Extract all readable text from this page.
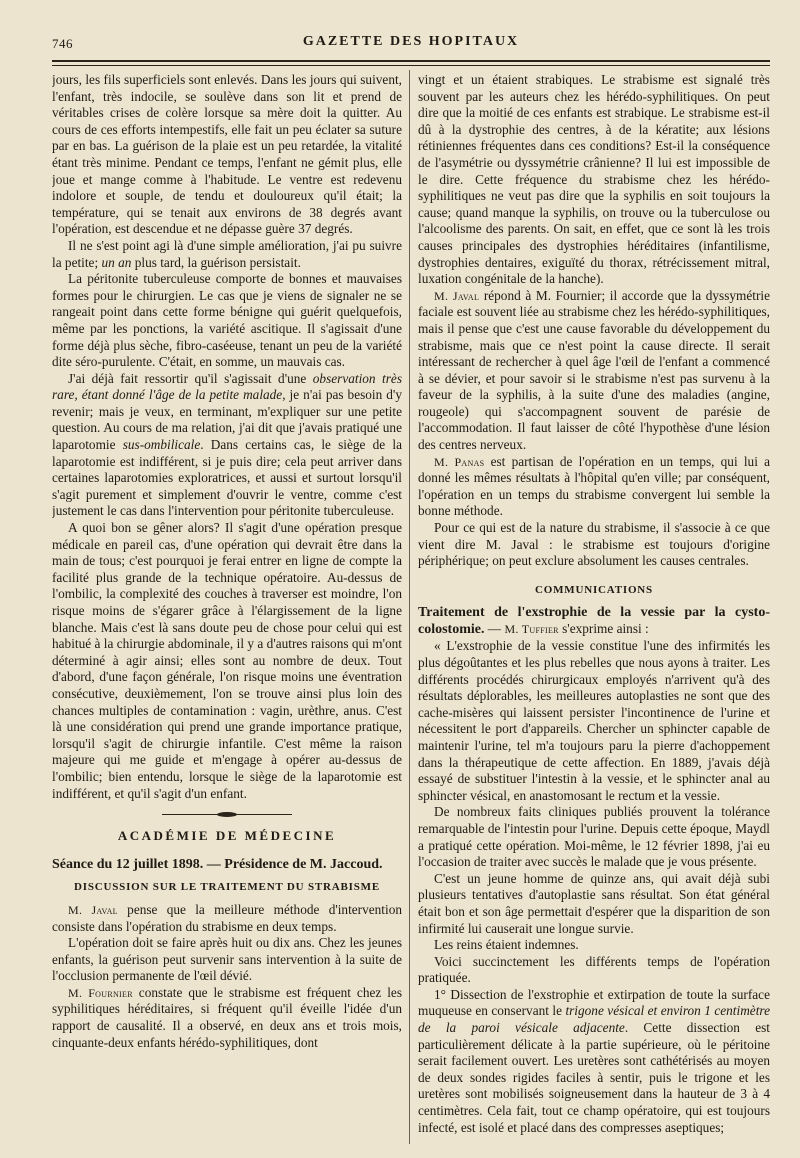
746	GAZETTE DES HOPITAUX

jours, les fils superficiels sont enlevés. Dans les jours qui suivent, l'enfant, très indocile, se soulève dans son lit et prend de véritables crises de colère lorsque sa mère doit la quitter. Au cours de ces efforts intempestifs, elle fait un peu éclater sa suture par en bas. La guérison de la plaie est un peu retardée, la vitalité étant très minime. Pendant ce temps, l'enfant ne gémit plus, elle joue et mange comme à l'habitude. Le ventre est redevenu indolore et souple, de tendu et douloureux qu'il était; la température, qui se tenait aux environs de 38 degrés avant l'opération, est descendue et ne dépasse guère 37 degrés.

Il ne s'est point agi là d'une simple amélioration, j'ai pu suivre la petite; un an plus tard, la guérison persistait.

La péritonite tuberculeuse comporte de bonnes et mauvaises formes pour le chirurgien. Le cas que je viens de signaler ne se rangeait point dans cette forme bénigne qui guérit quelquefois, même par les ponctions, la variété ascitique. Il s'agissait d'une forme déjà plus sèche, fibro-caséeuse, tenant un peu de la variété dite séro-purulente. C'était, en somme, un mauvais cas.

J'ai déjà fait ressortir qu'il s'agissait d'une observation très rare, étant donné l'âge de la petite malade, je n'ai pas besoin d'y revenir; mais je veux, en terminant, m'expliquer sur une petite question. Au cours de ma relation, j'ai dit que j'avais pratiqué une laparotomie sus-ombilicale. Dans certains cas, le siège de la laparotomie est indifférent, si je puis dire; cela peut arriver dans certaines laparotomies exploratrices, et aussi et surtout lorsqu'il s'agit purement et simplement d'ouvrir le ventre, comme c'est justement le cas dans l'intervention pour péritonite tuberculeuse.

A quoi bon se gêner alors? Il s'agit d'une opération presque médicale en pareil cas, d'une opération qui devrait être dans la main de tous; c'est pourquoi je ferai entrer en ligne de compte la facilité plus grande de la technique opératoire. Au-dessus de l'ombilic, la complexité des couches à traverser est moindre, l'on risque moins de s'égarer grâce à l'élargissement de la ligne blanche. Mais c'est là sans doute peu de chose pour celui qui est habitué à la chirurgie abdominale, il y a d'autres raisons qui m'ont déterminé à agir ainsi; elles sont au nombre de deux. Tout d'abord, d'une façon générale, l'on risque moins une éventration consécutive, deuxièmement, l'on se trouve ainsi plus loin des chances multiples de contamination : vagin, urèthre, anus. C'est là une considération qui prend une grande importance pratique, lorsqu'il s'agit de chirurgie infantile. C'est même la raison majeure qui me guide et m'engage à opérer au-dessus de l'ombilic; bien entendu, lorsque le siège de la laparotomie est indifférent, et qu'il s'agit d'un enfant.

ACADÉMIE DE MÉDECINE

Séance du 12 juillet 1898. — Présidence de M. Jaccoud.

DISCUSSION SUR LE TRAITEMENT DU STRABISME

M. Javal pense que la meilleure méthode d'intervention consiste dans l'opération du strabisme en deux temps.

L'opération doit se faire après huit ou dix ans. Chez les jeunes enfants, la guérison peut survenir sans intervention à la suite de l'occlusion permanente de l'œil dévié.

M. Fournier constate que le strabisme est fréquent chez les syphilitiques héréditaires, si fréquent qu'il éveille l'idée d'un rapport de causalité. Il a observé, en deux ans et trois mois, cinquante-deux enfants hérédo-syphilitiques, dont

vingt et un étaient strabiques. Le strabisme est signalé très souvent par les auteurs chez les hérédo-syphilitiques. On peut dire que la moitié de ces enfants est strabique. Le strabisme est-il dû à la dystrophie des centres, à de la kératite; aux lésions rétiniennes fréquentes dans ces conditions? Est-il la conséquence de l'asymétrie ou dyssymétrie crânienne? Il lui est impossible de le dire. Cette fréquence du strabisme chez les hérédo-syphilitiques ne veut pas dire que la syphilis en soit toujours la cause; quand manque la syphilis, on trouve ou la tuberculose ou l'alcoolisme des parents. On sait, en effet, que ce sont là les trois causes principales des dystrophies héréditaires (infantilisme, dystrophies dentaires, exiguïté du thorax, rétrécissement mitral, luxation congénitale de la hanche).

M. Javal répond à M. Fournier; il accorde que la dyssymétrie faciale est souvent liée au strabisme chez les hérédo-syphilitiques, mais il pense que c'est une cause favorable du développement du strabisme, mais que ce n'est point la cause directe. Il serait intéressant de rechercher à quel âge l'œil de l'enfant a commencé à se dévier, et pour savoir si le strabisme n'est pas survenu à la faveur de la syphilis, à la suite d'une des maladies (angine, rougeole) qui s'accompagnent souvent de parésie de l'accommodation. Il faut laisser de côté l'hypothèse d'une lésion des centres nerveux.

M. Panas est partisan de l'opération en un temps, qui lui a donné les mêmes résultats à l'hôpital qu'en ville; par conséquent, l'opération en un temps du strabisme convergent lui semble la bonne méthode.

Pour ce qui est de la nature du strabisme, il s'associe à ce que vient dire M. Javal : le strabisme est toujours d'origine périphérique; on peut exclure absolument les causes centrales.

COMMUNICATIONS

Traitement de l'exstrophie de la vessie par la cysto-colostomie. — M. Tuffier s'exprime ainsi :

« L'exstrophie de la vessie constitue l'une des infirmités les plus dégoûtantes et les plus rebelles que nous ayons à traiter. Les différents procédés chirurgicaux employés n'arrivent qu'à des résultats déplorables, les meilleures autoplasties ne sont que des cache-misères qui laissent persister l'incontinence de l'urine et nécessitent le port d'appareils. Chercher un sphincter capable de maintenir l'urine, tel m'a toujours paru la pierre d'achoppement dans la thérapeutique de cette affection. En 1889, j'avais déjà essayé de substituer l'intestin à la vessie, et le sphincter anal au sphincter vésical, en anastomosant le rectum et la vessie.

De nombreux faits cliniques publiés prouvent la tolérance remarquable de l'intestin pour l'urine. Depuis cette époque, Maydl a pratiqué cette opération. Moi-même, le 12 février 1898, j'ai eu l'occasion de traiter avec succès le malade que je vous présente.

C'est un jeune homme de quinze ans, qui avait déjà subi plusieurs tentatives d'autoplastie sans résultat. Son état général était bon et son âge permettait d'espérer que la disparition de son infirmité lui causerait une longue survie.

Les reins étaient indemnes.

Voici succinctement les différents temps de l'opération pratiquée.

1° Dissection de l'exstrophie et extirpation de toute la surface muqueuse en conservant le trigone vésical et environ 1 centimètre de la paroi vésicale adjacente. Cette dissection est particulièrement délicate à la partie supérieure, où le péritoine serait facilement ouvert. Les uretères sont cathétérisés au moyen de deux sondes rigides faciles à sentir, puis le trigone et les uretères sont mobilisés soigneusement dans la hauteur de 3 à 4 centimètres. Cela fait, tout ce champ opératoire, qui est toujours infecté, est isolé et placé dans des compresses aseptiques;
